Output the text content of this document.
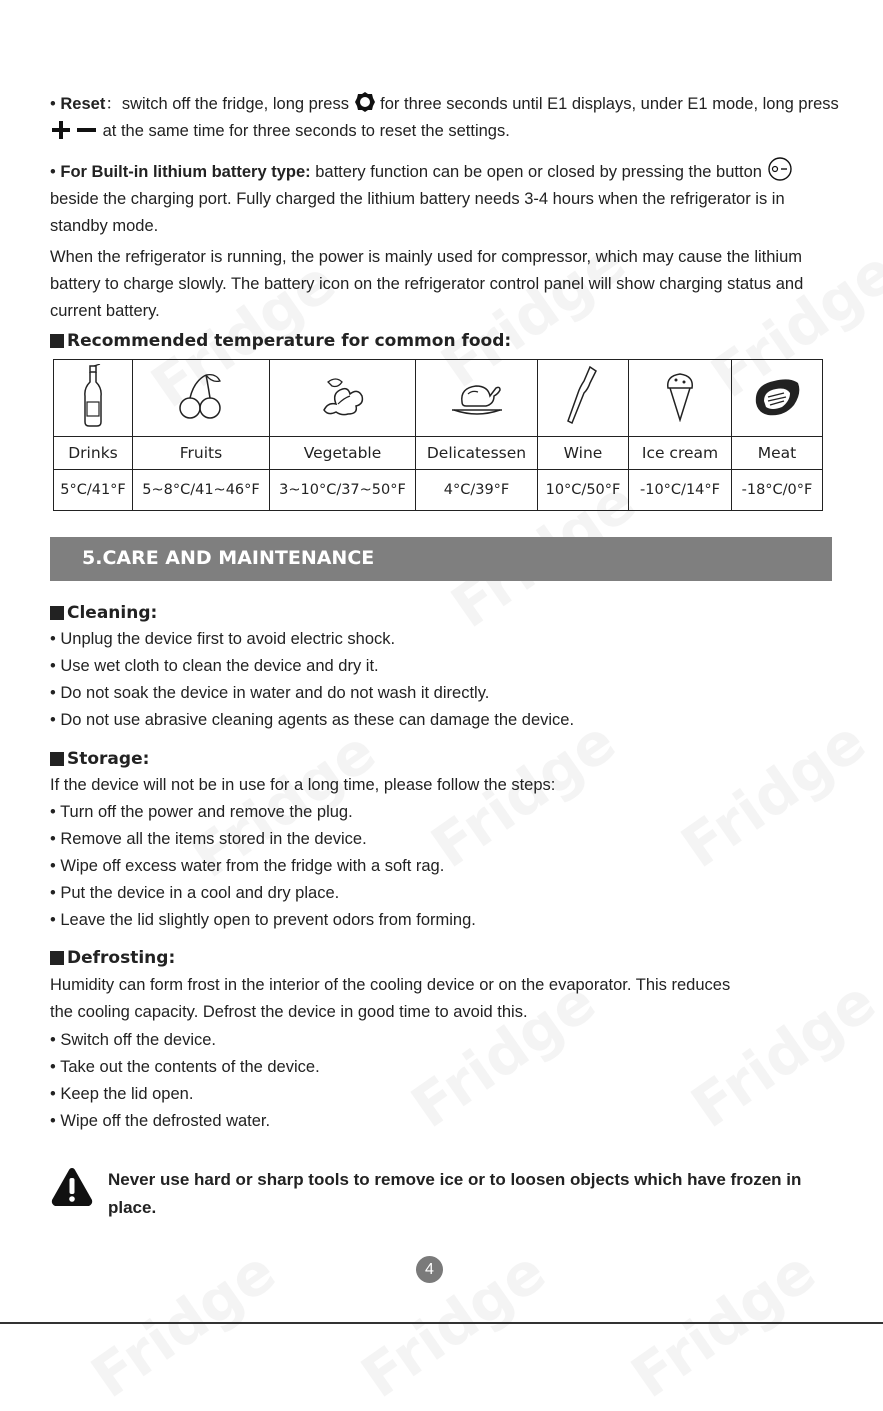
• Reset：switch off the fridge, long press for three seconds until E1 displays, under E1 mode, long press  at the same time for three seconds to reset the settings.

• For Built-in lithium battery type: battery function can be open or closed by pressing the button  beside the charging port. Fully charged the lithium battery needs 3-4 hours when the refrigerator is in standby mode.

When the refrigerator is running, the power is mainly used for compressor, which may cause the lithium battery to charge slowly. The battery icon on the refrigerator control panel will show charging status and current battery.

Recommended temperature for common food:

Drinks	Fruits	Vegetable	Delicatessen	Wine	Ice cream	Meat
5°C/41°F	5~8°C/41~46°F	3~10°C/37~50°F	4°C/39°F	10°C/50°F	-10°C/14°F	-18°C/0°F
5.CARE AND MAINTENANCE
Cleaning:
• Unplug the device first to avoid electric shock.
• Use wet cloth to clean the device and dry it.
• Do not soak the device in water and do not wash it directly.
• Do not use abrasive cleaning agents as these can damage the device.
Storage:

If the device will not be in use for a long time, please follow the steps:

• Turn off the power and remove the plug.
• Remove all the items stored in the device.
• Wipe off excess water from the fridge with a soft rag.
• Put the device in a cool and dry place.
• Leave the lid slightly open to prevent odors from forming.
Defrosting:

Humidity can form frost in the interior of the cooling device or on the evaporator. This reduces the cooling capacity. Defrost the device in good time to avoid this.

• Switch off the device.
• Take out the contents of the device.
• Keep the lid open.
• Wipe off the defrosted water.
Never use hard or sharp tools to remove ice or to loosen objects which have frozen in place.
4
